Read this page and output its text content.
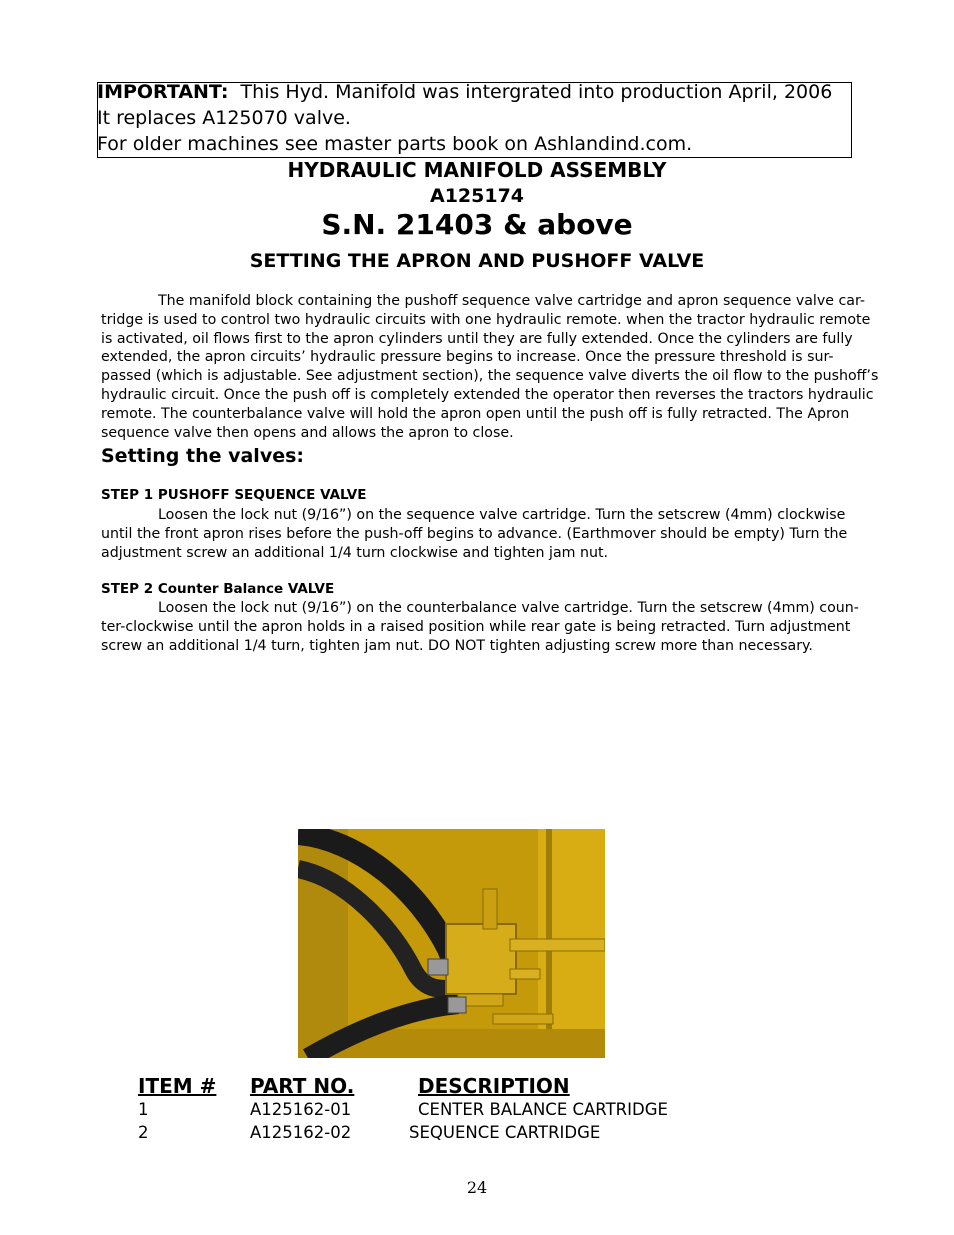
IMPORTANT: This Hyd. Manifold was intergrated into production April, 2006
It replaces A125070 valve.
For older machines see master parts book on Ashlandind.com.
HYDRAULIC MANIFOLD ASSEMBLY
A125174
S.N. 21403 & above
SETTING THE APRON AND PUSHOFF VALVE
The manifold block containing the pushoff sequence valve cartridge and apron sequence valve car-
tridge is used to control two hydraulic circuits with one hydraulic remote. when the tractor hydraulic remote
is activated, oil flows first to the apron cylinders until they are fully extended. Once the cylinders are fully
extended, the apron circuits’ hydraulic pressure begins to increase. Once the pressure threshold is sur-
passed (which is adjustable. See adjustment section), the sequence valve diverts the oil flow to the pushoff’s
hydraulic circuit. Once the push off is completely extended the operator then reverses the tractors hydraulic
remote. The counterbalance valve will hold the apron open until the push off is fully retracted. The Apron
sequence valve then opens and allows the apron to close.
Setting the valves:
STEP 1 PUSHOFF SEQUENCE VALVE
Loosen the lock nut (9/16”) on the sequence valve cartridge. Turn the setscrew (4mm) clockwise
until the front apron rises before the push-off begins to advance. (Earthmover should be empty) Turn the
adjustment screw an additional 1/4 turn clockwise and tighten jam nut.
STEP 2 Counter Balance VALVE
Loosen the lock nut (9/16”) on the counterbalance valve cartridge. Turn the setscrew (4mm) coun-
ter-clockwise until the apron holds in a raised position while rear gate is being retracted. Turn adjustment
screw an additional 1/4 turn, tighten jam nut. DO NOT tighten adjusting screw more than necessary.
ITEM # PART NO.	DESCRIPTION
1	A125162-01	CENTER BALANCE CARTRIDGE
2	A125162-02	SEQUENCE CARTRIDGE
24
